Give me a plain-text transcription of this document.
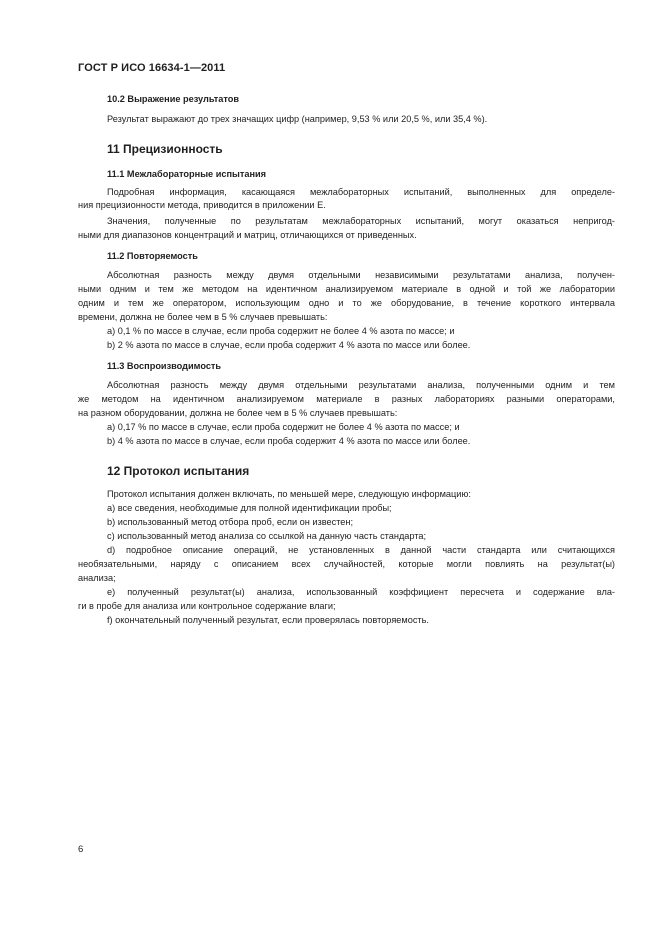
ГОСТ Р ИСО 16634-1—2011
10.2 Выражение результатов
Результат выражают до трех значащих цифр (например, 9,53 % или 20,5 %, или 35,4 %).
11 Прецизионность
11.1 Межлабораторные испытания
Подробная информация, касающаяся межлабораторных испытаний, выполненных для определе-
ния прецизионности метода, приводится в приложении Е.
Значения, полученные по результатам межлабораторных испытаний, могут оказаться непригод-
ными для диапазонов концентраций и матриц, отличающихся от приведенных.
11.2 Повторяемость
Абсолютная разность между двумя отдельными независимыми результатами анализа, получен-
ными одним и тем же методом на идентичном анализируемом материале в одной и той же лаборатории
одним и тем же оператором, использующим одно и то же оборудование, в течение короткого интервала
времени, должна не более чем в 5 % случаев превышать:
a) 0,1 % по массе в случае, если проба содержит не более 4 % азота по массе; и
b) 2 % азота по массе в случае, если проба содержит 4 % азота по массе или более.
11.3 Воспроизводимость
Абсолютная разность между двумя отдельными результатами анализа, полученными одним и тем
же методом на идентичном анализируемом материале в разных лабораториях разными операторами,
на разном оборудовании, должна не более чем в 5 % случаев превышать:
a) 0,17 % по массе в случае, если проба содержит не более 4 % азота по массе; и
b) 4 % азота по массе в случае, если проба содержит 4 % азота по массе или более.
12 Протокол испытания
Протокол испытания должен включать, по меньшей мере, следующую информацию:
a) все сведения, необходимые для полной идентификации пробы;
b) использованный метод отбора проб, если он известен;
c) использованный метод анализа со ссылкой на данную часть стандарта;
d) подробное описание операций, не установленных в данной части стандарта или считающихся
необязательными, наряду с описанием всех случайностей, которые могли повлиять на результат(ы)
анализа;
e) полученный результат(ы) анализа, использованный коэффициент пересчета и содержание вла-
ги в пробе для анализа или контрольное содержание влаги;
f) окончательный полученный результат, если проверялась повторяемость.
6
